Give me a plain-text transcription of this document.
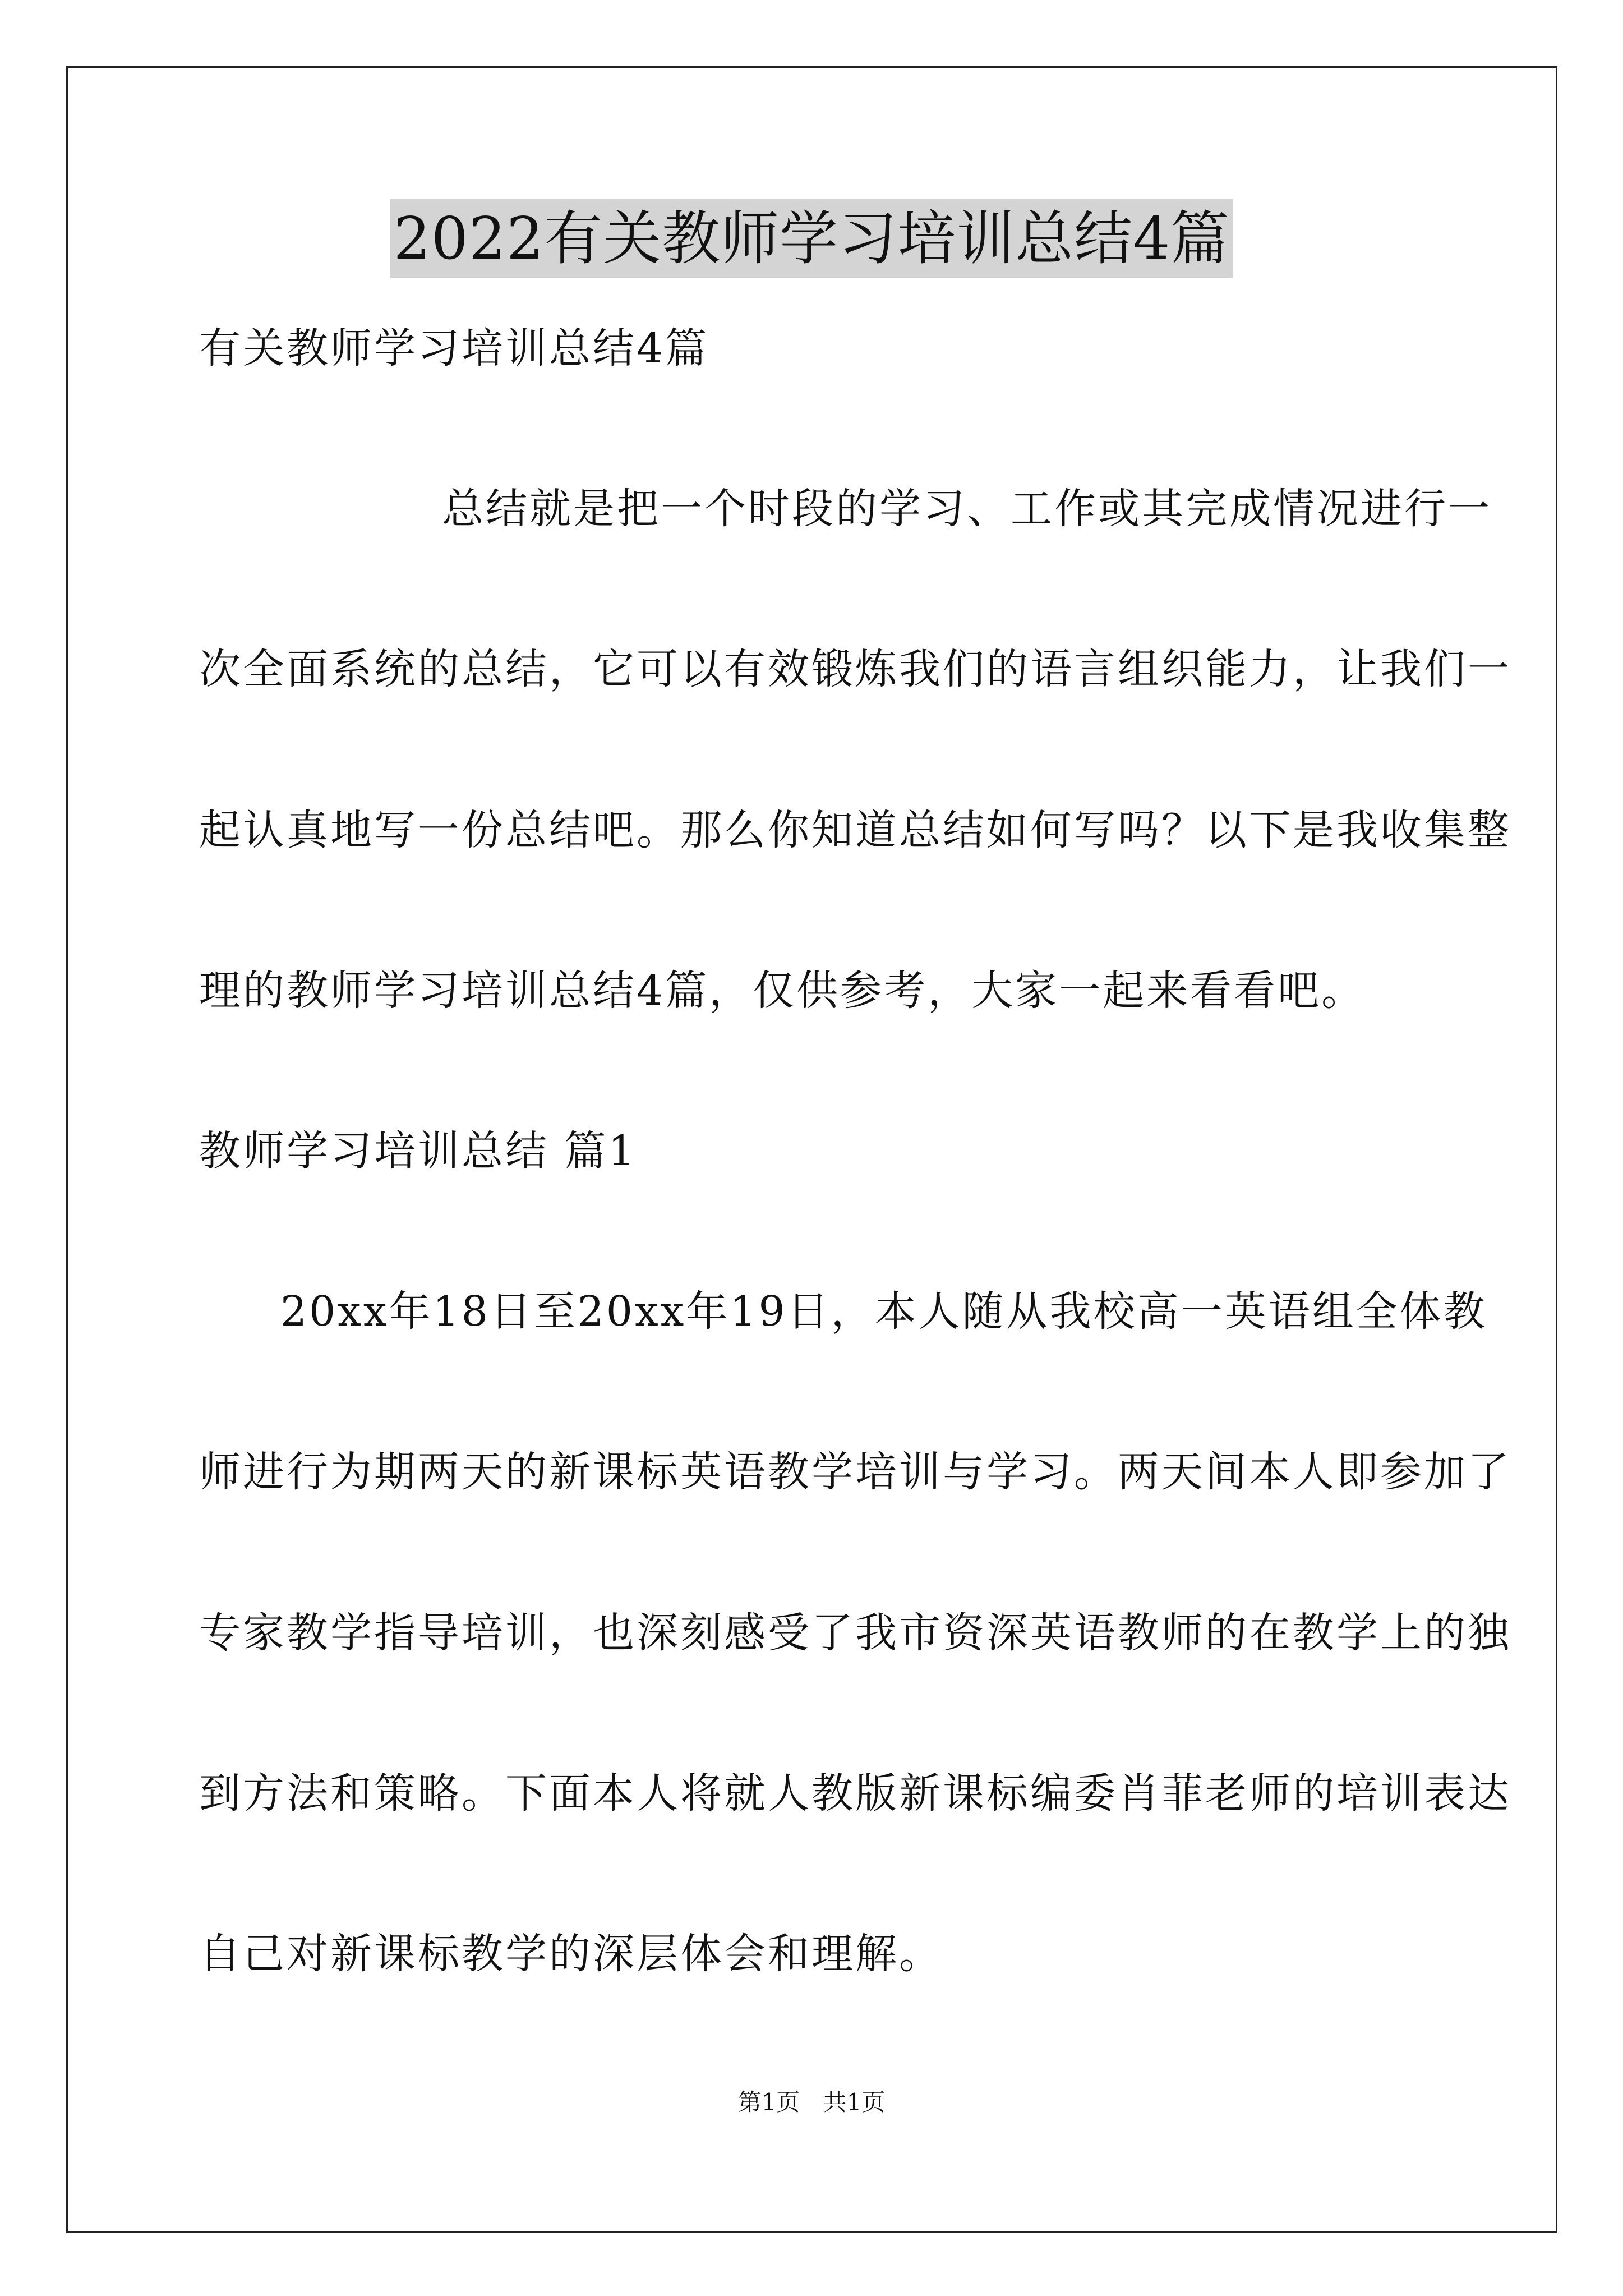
2022有关教师学习培训总结4篇
有关教师学习培训总结4篇
总结就是把一个时段的学习、工作或其完成情况进行一
次全面系统的总结，它可以有效锻炼我们的语言组织能力，让我们一
起认真地写一份总结吧。那么你知道总结如何写吗？以下是我收集整
理的教师学习培训总结4篇，仅供参考，大家一起来看看吧。
教师学习培训总结 篇1
20xx年18日至20xx年19日，本人随从我校高一英语组全体教
师进行为期两天的新课标英语教学培训与学习。两天间本人即参加了
专家教学指导培训，也深刻感受了我市资深英语教师的在教学上的独
到方法和策略。下面本人将就人教版新课标编委肖菲老师的培训表达
自己对新课标教学的深层体会和理解。
第1页 共1页
